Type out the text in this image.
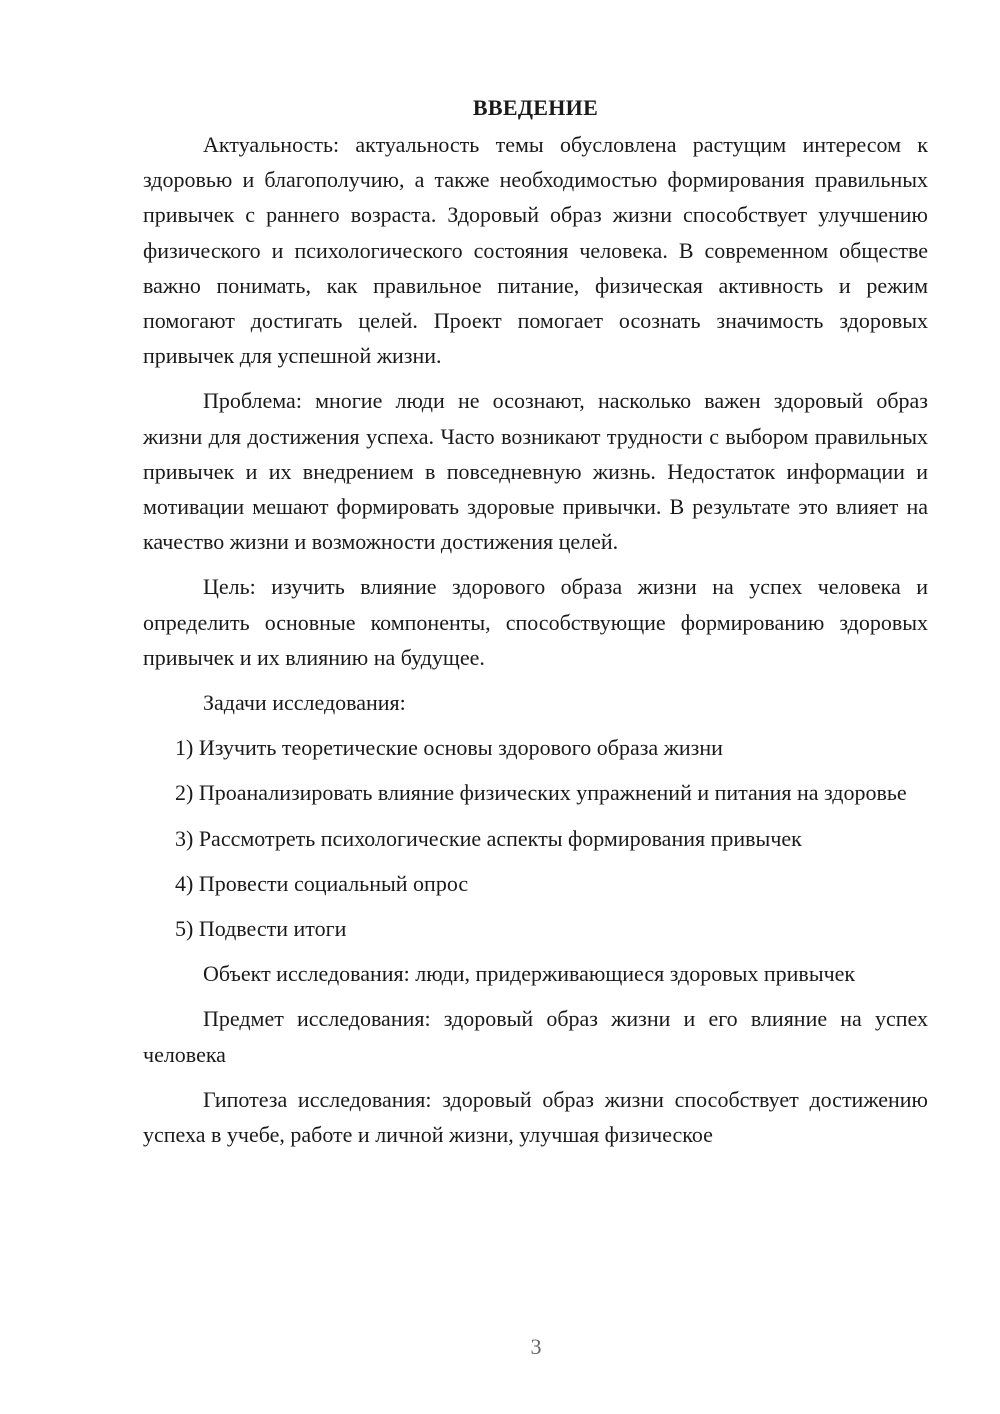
ВВЕДЕНИЕ

Актуальность: актуальность темы обусловлена растущим интересом к здоровью и благополучию, а также необходимостью формирования правильных привычек с раннего возраста. Здоровый образ жизни способствует улучшению физического и психологического состояния человека. В современном обществе важно понимать, как правильное питание, физическая активность и режим помогают достигать целей. Проект помогает осознать значимость здоровых привычек для успешной жизни.

Проблема: многие люди не осознают, насколько важен здоровый образ жизни для достижения успеха. Часто возникают трудности с выбором правильных привычек и их внедрением в повседневную жизнь. Недостаток информации и мотивации мешают формировать здоровые привычки. В результате это влияет на качество жизни и возможности достижения целей.

Цель: изучить влияние здорового образа жизни на успех человека и определить основные компоненты, способствующие формированию здоровых привычек и их влиянию на будущее.

Задачи исследования:

1) Изучить теоретические основы здорового образа жизни

2) Проанализировать влияние физических упражнений и питания на здоровье

3) Рассмотреть психологические аспекты формирования привычек

4) Провести социальный опрос

5) Подвести итоги

Объект исследования: люди, придерживающиеся здоровых привычек

Предмет исследования: здоровый образ жизни и его влияние на успех человека

Гипотеза исследования: здоровый образ жизни способствует достижению успеха в учебе, работе и личной жизни, улучшая физическое

3
